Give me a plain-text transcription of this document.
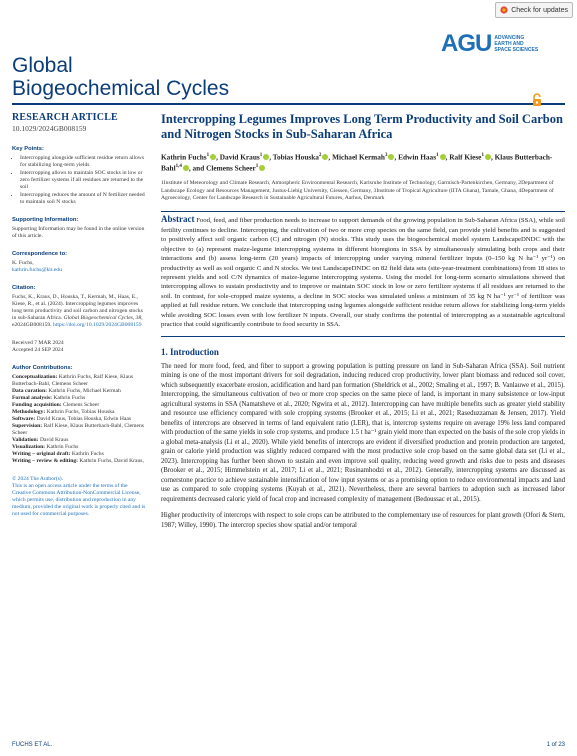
Check for updates
AGU ADVANCING
EARTH AND
SPACE SCIENCES
Global
Biogeochemical Cycles
RESEARCH ARTICLE
10.1029/2024GB008159
Key Points:
• Intercropping alongside sufficient residue return allows for stabilizing long-term yields
• Intercropping allows to maintain SOC stocks in low or zero fertilizer systems if all residues are returned to the soil
• Intercropping reduces the amount of N fertilizer needed to maintain soil N stocks
Supporting Information:
Supporting Information may be found in the online version of this article.
Correspondence to:
K. Fuchs,
kathrin.fuchs@kit.edu
Citation:
Fuchs, K., Kraus, D., Houska, T., Kermah, M., Haas, E., Kiese, R., et al. (2024). Intercropping legumes improves long term productivity and soil carbon and nitrogen stocks in sub-Saharan Africa. Global Biogeochemical Cycles, 38, e2024GB008159. https://doi.org/10.1029/2024GB008159
Received 7 MAR 2024
Accepted 24 SEP 2024
Author Contributions:
Conceptualization: Kathrin Fuchs, Ralf Kiese, Klaus Butterbach-Bahl, Clemens Scheer
Data curation: Kathrin Fuchs, Michael Kermah
Formal analysis: Kathrin Fuchs
Funding acquisition: Clemens Scheer
Methodology: Kathrin Fuchs, Tobias Houska
Software: David Kraus, Tobias Houska, Edwin Haas
Supervision: Ralf Kiese, Klaus Butterbach-Bahl, Clemens Scheer
Validation: David Kraus
Visualization: Kathrin Fuchs
Writing – original draft: Kathrin Fuchs
Writing – review & editing: Kathrin Fuchs, David Kraus,
© 2024 The Author(s).
This is an open access article under the terms of the Creative Commons Attribution-NonCommercial License, which permits use, distribution and reproduction in any medium, provided the original work is properly cited and is not used for commercial purposes.
Intercropping Legumes Improves Long Term Productivity and Soil Carbon and Nitrogen Stocks in Sub-Saharan Africa
Kathrin Fuchs$^1$ , David Kraus$^1$ , Tobias Houska$^2$ , Michael Kermah$^3$ , Edwin Haas$^1$ , Ralf Kiese$^1$ , Klaus Butterbach-Bahl$^{1,4}$ , and Clemens Scheer$^1$
1Institute of Meteorology and Climate Research, Atmospheric Environmental Research, Karlsruhe Institute of Technology, Garmisch-Partenkirchen, Germany, 2Department of Landscape Ecology and Resources Management, Justus-Liebig University, Giessen, Germany, 3Institute of Tropical Agriculture (IITA Ghana), Tamale, Ghana, 4Department of Agroecology, Center for Landscape Research in Sustainable Agricultural Futures, Aarhus, Denmark
Abstract Food, feed, and fiber production needs to increase to support demands of the growing population in Sub-Saharan Africa (SSA), while soil fertility continues to decline. Intercropping, the cultivation of two or more crop species on the same field, can provide yield benefits and is suggested to positively affect soil organic carbon (C) and nitrogen (N) stocks. This study uses the biogeochemical model system LandscapeDNDC with the objective to (a) represent maize-legume intercropping systems in different bioregions in SSA by simultaneously simulating both crops and their interactions and (b) assess long-term (20 years) impacts of intercropping under varying mineral fertilizer inputs (0–150 kg N ha⁻¹ yr⁻¹) on productivity as well as soil organic C and N stocks. We test LandscapeDNDC on 82 field data sets (site-year-treatment combinations) from 18 sites to represent yields and soil C/N dynamics of maize-legume intercropping systems. Using the model for long-term scenario simulations showed that intercropping allows to sustain productivity and to improve or maintain SOC stock in low or zero fertilizer systems if all residues are returned to the soil. In contrast, for sole-cropped maize systems, a decline in SOC stocks was simulated unless a minimum of 35 kg N ha⁻¹ yr⁻¹ of fertilizer was applied at full residue return. We conclude that intercropping using legumes alongside sufficient residue return allows for stabilizing long-term yields while avoiding SOC losses even with low fertilizer N inputs. Overall, our study confirms the potential of intercropping as a sustainable agricultural practice that could significantly contribute to food security in SSA.
1. Introduction

The need for more food, feed, and fiber to support a growing population is putting pressure on land in Sub-Saharan Africa (SSA). Soil nutrient mining is one of the most important drivers for soil degradation, inducing reduced crop productivity, lower plant biomass and reduced soil cover, which subsequently exacerbate erosion, acidification and hard pan formation (Sheldrick et al., 2002; Smaling et al., 1997; B. Vanlauwe et al., 2015). Intercropping, the simultaneous cultivation of two or more crop species on the same piece of land, is important in many subsistence or low-input agricultural systems in SSA (Namatsheve et al., 2020; Ngwira et al., 2012). Intercropping can have multiple benefits such as greater yield stability and resource use efficiency compared with sole cropping systems (Brooker et al., 2015; Li et al., 2021; Raseduzzaman & Jensen, 2017). Yield benefits of intercrops are observed in terms of land equivalent ratio (LER), that is, intercrop systems require on average 19% less land compared with production of the same yields in sole crop systems, and produce 1.5 t ha⁻¹ grain yield more than expected on the basis of the sole crop yields in a global meta-analysis (Li et al., 2020). While yield benefits of intercrops are evident if diversified production and protein production are targeted, grain or calorie yield production was slightly reduced compared with the most productive sole crop based on the same global data set (Li et al., 2023). Intercropping has further been shown to sustain and even improve soil quality, reducing weed growth and risks due to pests and diseases (Brooker et al., 2015; Himmelstein et al., 2017; Li et al., 2021; Rusinamhodzi et al., 2012). Generally, intercropping systems are discussed as cornerstone practice to achieve sustainable intensification of low input systems or as a promising option to reduce environmental impacts and land use as compared to sole cropping systems (Kuyah et al., 2021). Nevertheless, there are several barriers to adoption such as increased labor requirements decreased caloric yield of focal crop and increased complexity of management (Bedoussac et al., 2015).

Higher productivity of intercrops with respect to sole crops can be attributed to the complementary use of resources for plant growth (Ofori & Stern, 1987; Willey, 1990). The intercrop species show spatial and/or temporal

FUCHS ET AL.	1 of 23
